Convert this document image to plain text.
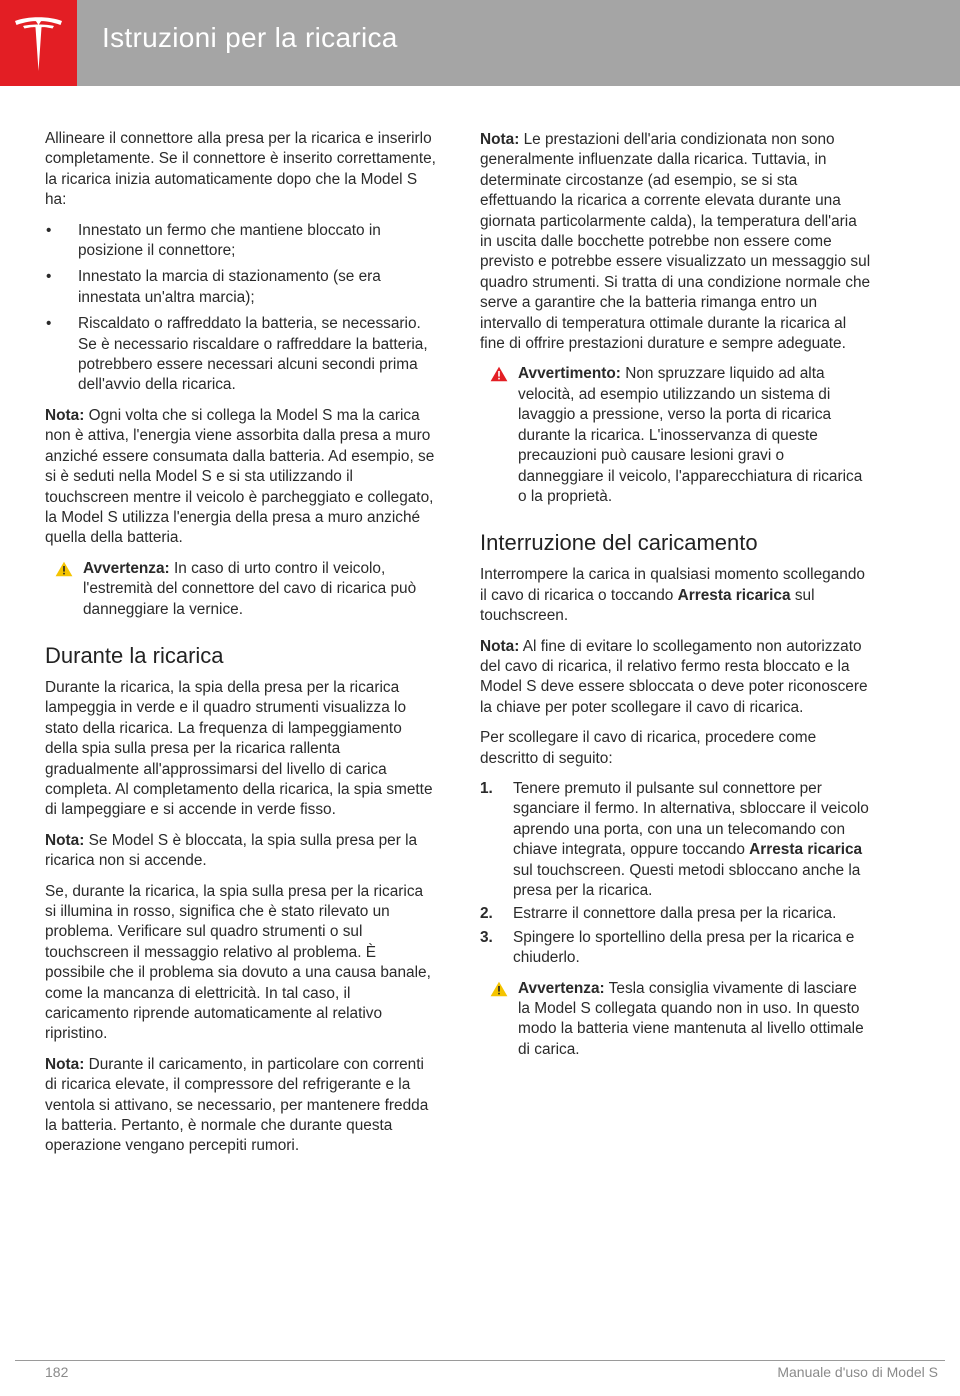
Istruzioni per la ricarica

Allineare il connettore alla presa per la ricarica e inserirlo completamente. Se il connettore è inserito correttamente, la ricarica inizia automaticamente dopo che la Model S ha:

• Innestato un fermo che mantiene bloccato in posizione il connettore;
• Innestato la marcia di stazionamento (se era innestata un'altra marcia);
• Riscaldato o raffreddato la batteria, se necessario. Se è necessario riscaldare o raffreddare la batteria, potrebbero essere necessari alcuni secondi prima dell'avvio della ricarica.

Nota: Ogni volta che si collega la Model S ma la carica non è attiva, l'energia viene assorbita dalla presa a muro anziché essere consumata dalla batteria. Ad esempio, se si è seduti nella Model S e si sta utilizzando il touchscreen mentre il veicolo è parcheggiato e collegato, la Model S utilizza l'energia della presa a muro anziché quella della batteria.

Avvertenza: In caso di urto contro il veicolo, l'estremità del connettore del cavo di ricarica può danneggiare la vernice.
Durante la ricarica

Durante la ricarica, la spia della presa per la ricarica lampeggia in verde e il quadro strumenti visualizza lo stato della ricarica. La frequenza di lampeggiamento della spia sulla presa per la ricarica rallenta gradualmente all'approssimarsi del livello di carica completa. Al completamento della ricarica, la spia smette di lampeggiare e si accende in verde fisso.

Nota: Se Model S è bloccata, la spia sulla presa per la ricarica non si accende.

Se, durante la ricarica, la spia sulla presa per la ricarica si illumina in rosso, significa che è stato rilevato un problema. Verificare sul quadro strumenti o sul touchscreen il messaggio relativo al problema. È possibile che il problema sia dovuto a una causa banale, come la mancanza di elettricità. In tal caso, il caricamento riprende automaticamente al relativo ripristino.

Nota: Durante il caricamento, in particolare con correnti di ricarica elevate, il compressore del refrigerante e la ventola si attivano, se necessario, per mantenere fredda la batteria. Pertanto, è normale che durante questa operazione vengano percepiti rumori.

Nota: Le prestazioni dell'aria condizionata non sono generalmente influenzate dalla ricarica. Tuttavia, in determinate circostanze (ad esempio, se si sta effettuando la ricarica a corrente elevata durante una giornata particolarmente calda), la temperatura dell'aria in uscita dalle bocchette potrebbe non essere come previsto e potrebbe essere visualizzato un messaggio sul quadro strumenti. Si tratta di una condizione normale che serve a garantire che la batteria rimanga entro un intervallo di temperatura ottimale durante la ricarica al fine di offrire prestazioni durature e sempre adeguate.

Avvertimento: Non spruzzare liquido ad alta velocità, ad esempio utilizzando un sistema di lavaggio a pressione, verso la porta di ricarica durante la ricarica. L'inosservanza di queste precauzioni può causare lesioni gravi o danneggiare il veicolo, l'apparecchiatura di ricarica o la proprietà.
Interruzione del caricamento

Interrompere la carica in qualsiasi momento scollegando il cavo di ricarica o toccando Arresta ricarica sul touchscreen.

Nota: Al fine di evitare lo scollegamento non autorizzato del cavo di ricarica, il relativo fermo resta bloccato e la Model S deve essere sbloccata o deve poter riconoscere la chiave per poter scollegare il cavo di ricarica.

Per scollegare il cavo di ricarica, procedere come descritto di seguito:

1. Tenere premuto il pulsante sul connettore per sganciare il fermo. In alternativa, sbloccare il veicolo aprendo una porta, con una un telecomando con chiave integrata, oppure toccando Arresta ricarica sul touchscreen. Questi metodi sbloccano anche la presa per la ricarica.
2. Estrarre il connettore dalla presa per la ricarica.
3. Spingere lo sportellino della presa per la ricarica e chiuderlo.
Avvertenza: Tesla consiglia vivamente di lasciare la Model S collegata quando non in uso. In questo modo la batteria viene mantenuta al livello ottimale di carica.
182	Manuale d'uso di Model S
